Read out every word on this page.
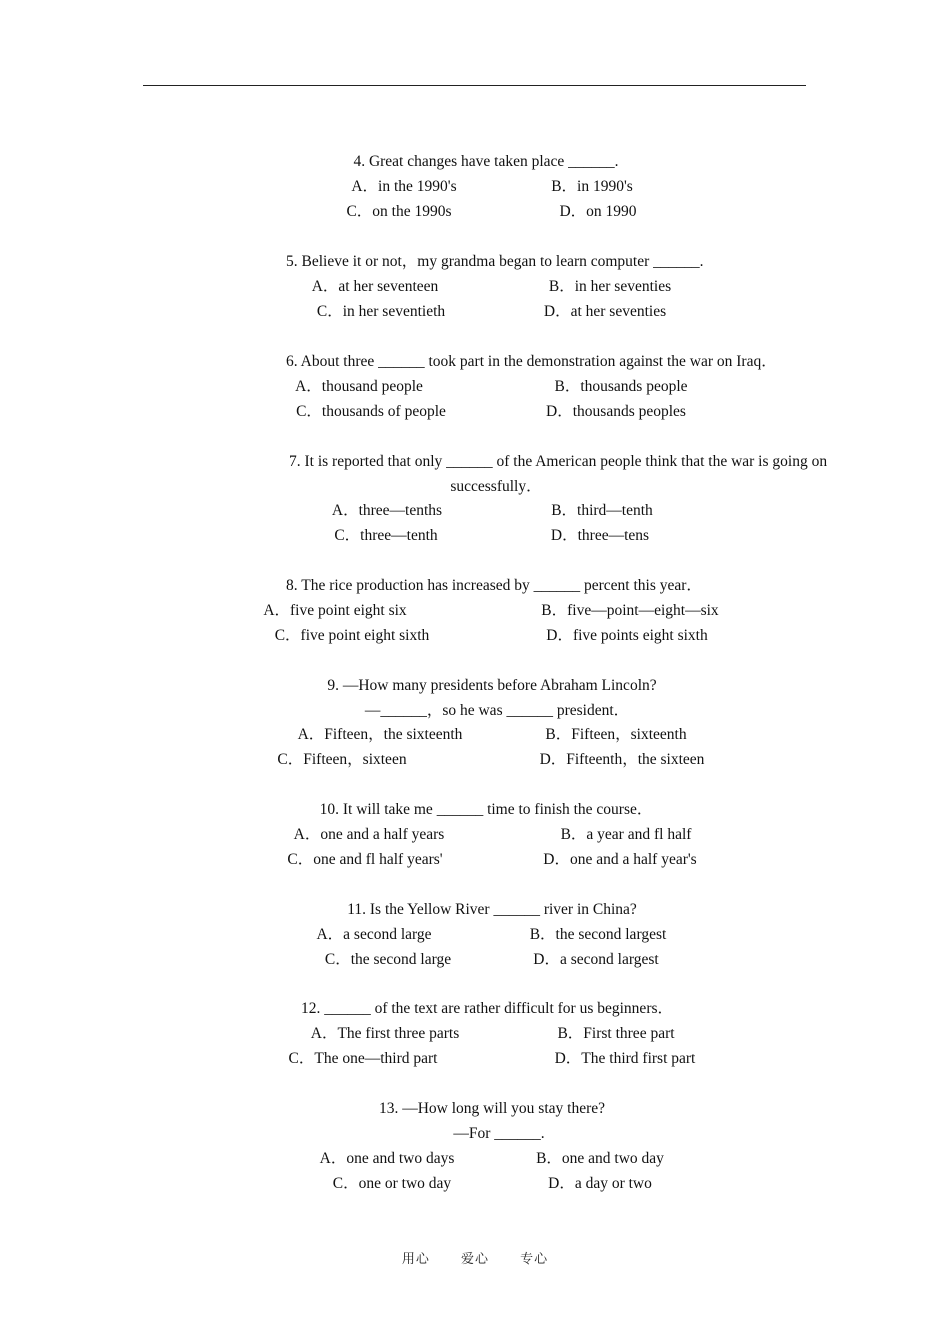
4. Great changes have taken place ______.
A．in the 1990's	B．in 1990's
C．on the 1990s	D．on 1990
5. Believe it or not，my grandma began to learn computer ______.
A．at her seventeen	B．in her seventies
C．in her seventieth	D．at her seventies
6. About three ______ took part in the demonstration against the war on Iraq．
A．thousand people	B．thousands people
C．thousands of people	D．thousands peoples
7. It is reported that only ______ of the American people think that the war is going on
successfully．
A．three—tenths	B．third—tenth
C．three—tenth	D．three—tens
8. The rice production has increased by ______ percent this year．
A．five point eight six	B．five—point—eight—six
C．five point eight sixth	D．five points eight sixth
9. —How many presidents before Abraham Lincoln?
—______，so he was ______ president．
A．Fifteen，the sixteenth	B．Fifteen，sixteenth
C．Fifteen，sixteen	D．Fifteenth，the sixteen
10. It will take me ______ time to finish the course．
A．one and a half years	B．a year and fl half
C．one and fl half years'	D．one and a half year's
11. Is the Yellow River ______ river in China?
A．a second large	B．the second largest
C．the second large	D．a second largest
12. ______ of the text are rather difficult for us beginners．
A．The first three parts	B．First three part
C．The one—third part	D．The third first part
13. —How long will you stay there?
—For ______.
A．one and two days	B．one and two day
C．one or two day	D．a day or two
用心 爱心 专心
